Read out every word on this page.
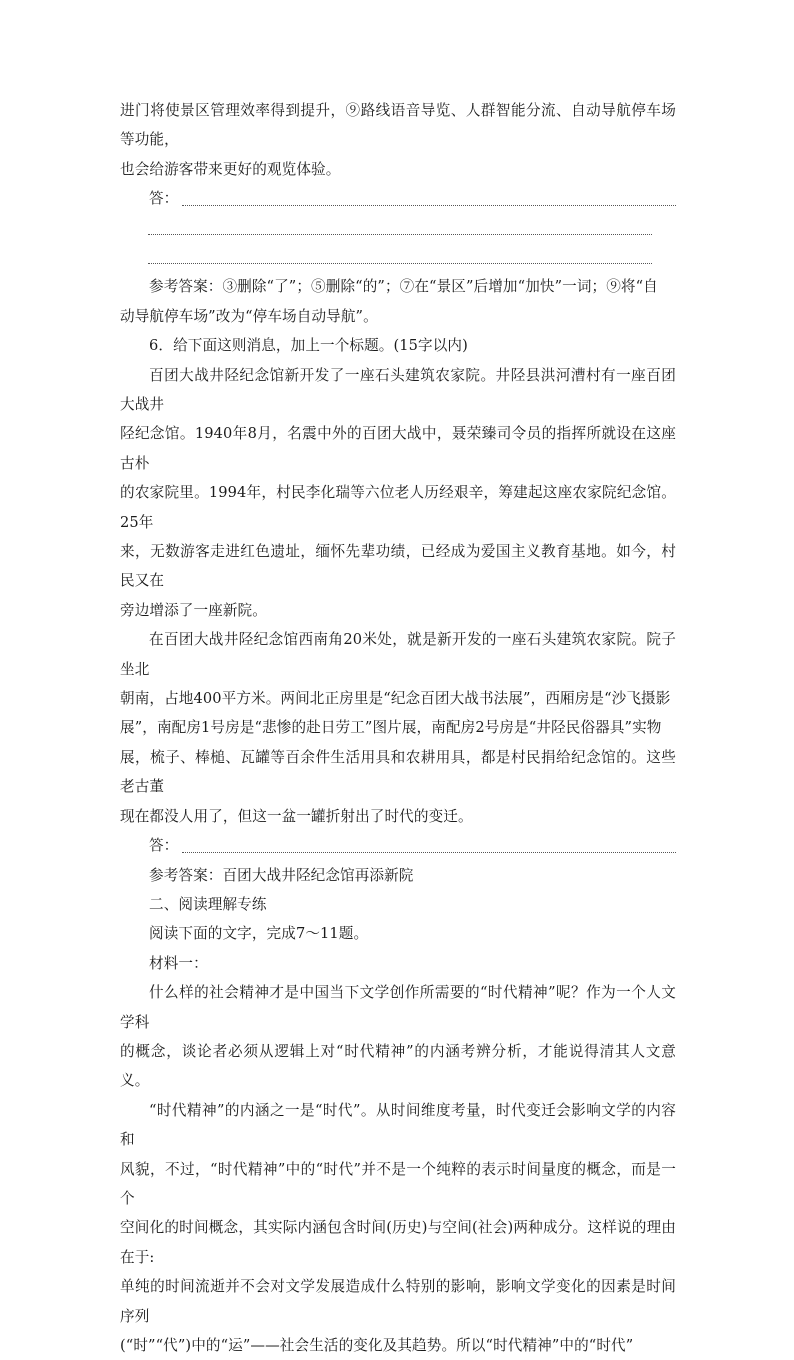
进门将使景区管理效率得到提升，⑨路线语音导览、人群智能分流、自动导航停车场等功能，

也会给游客带来更好的观览体验。

答：

参考答案：③删除“了”；⑤删除“的”；⑦在“景区”后增加“加快”一词；⑨将“自

动导航停车场”改为“停车场自动导航”。

6．给下面这则消息，加上一个标题。(15字以内)

百团大战井陉纪念馆新开发了一座石头建筑农家院。井陉县洪河漕村有一座百团大战井

陉纪念馆。1940年8月，名震中外的百团大战中，聂荣臻司令员的指挥所就设在这座古朴

的农家院里。1994年，村民李化瑞等六位老人历经艰辛，筹建起这座农家院纪念馆。25年

来，无数游客走进红色遗址，缅怀先辈功绩，已经成为爱国主义教育基地。如今，村民又在

旁边增添了一座新院。

在百团大战井陉纪念馆西南角20米处，就是新开发的一座石头建筑农家院。院子坐北

朝南，占地400平方米。两间北正房里是“纪念百团大战书法展”，西厢房是“沙飞摄影

展”，南配房1号房是“悲惨的赴日劳工”图片展，南配房2号房是“井陉民俗器具”实物

展，梳子、棒槌、瓦罐等百余件生活用具和农耕用具，都是村民捐给纪念馆的。这些老古董

现在都没人用了，但这一盆一罐折射出了时代的变迁。

答：

参考答案：百团大战井陉纪念馆再添新院

二、阅读理解专练

阅读下面的文字，完成7～11题。

材料一：

什么样的社会精神才是中国当下文学创作所需要的“时代精神”呢？作为一个人文学科

的概念，谈论者必须从逻辑上对“时代精神”的内涵考辨分析，才能说得清其人文意义。

“时代精神”的内涵之一是“时代”。从时间维度考量，时代变迁会影响文学的内容和

风貌，不过，“时代精神”中的“时代”并不是一个纯粹的表示时间量度的概念，而是一个

空间化的时间概念，其实际内涵包含时间(历史)与空间(社会)两种成分。这样说的理由在于:

单纯的时间流逝并不会对文学发展造成什么特别的影响，影响文学变化的因素是时间序列

(“时”“代”)中的“运”——社会生活的变化及其趋势。所以“时代精神”中的“时代”
